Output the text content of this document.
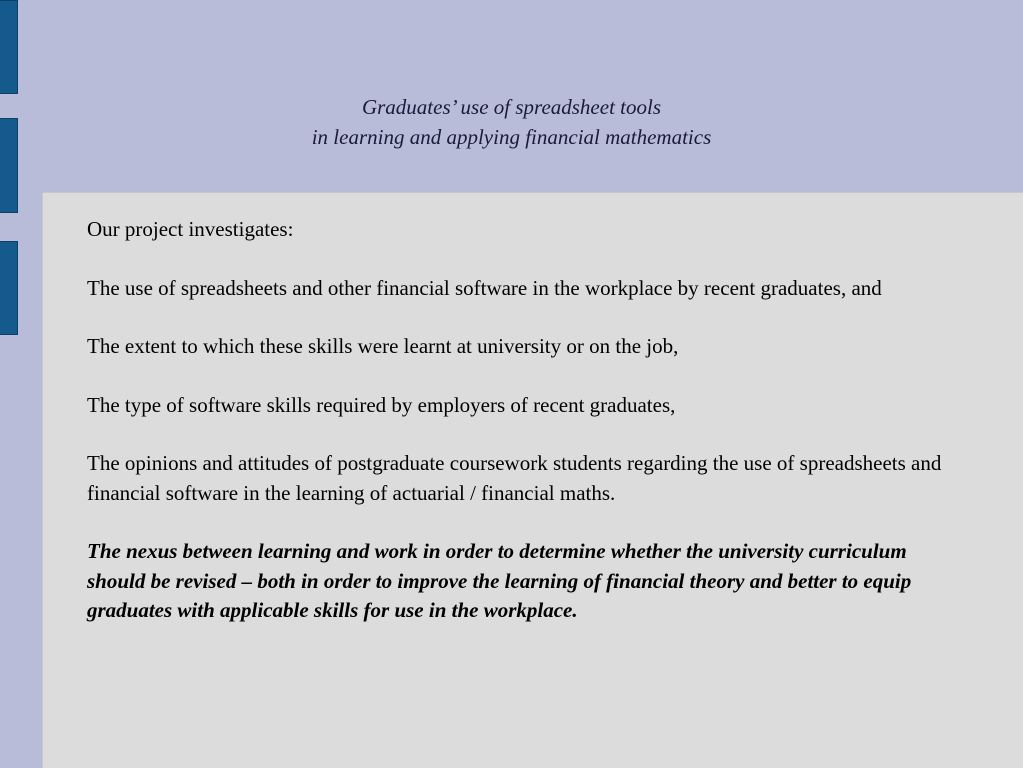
Graduates’ use of spreadsheet tools
in learning and applying financial mathematics

Our project investigates:

The use of spreadsheets and other financial software in the workplace by recent graduates, and

The extent to which these skills were learnt at university or on the job,

The type of software skills required by employers of recent graduates,

The opinions and attitudes of postgraduate coursework students regarding the use of spreadsheets and financial software in the learning of actuarial / financial maths.

The nexus between learning and work in order to determine whether the university curriculum should be revised – both in order to improve the learning of financial theory and better to equip graduates with applicable skills for use in the workplace.
